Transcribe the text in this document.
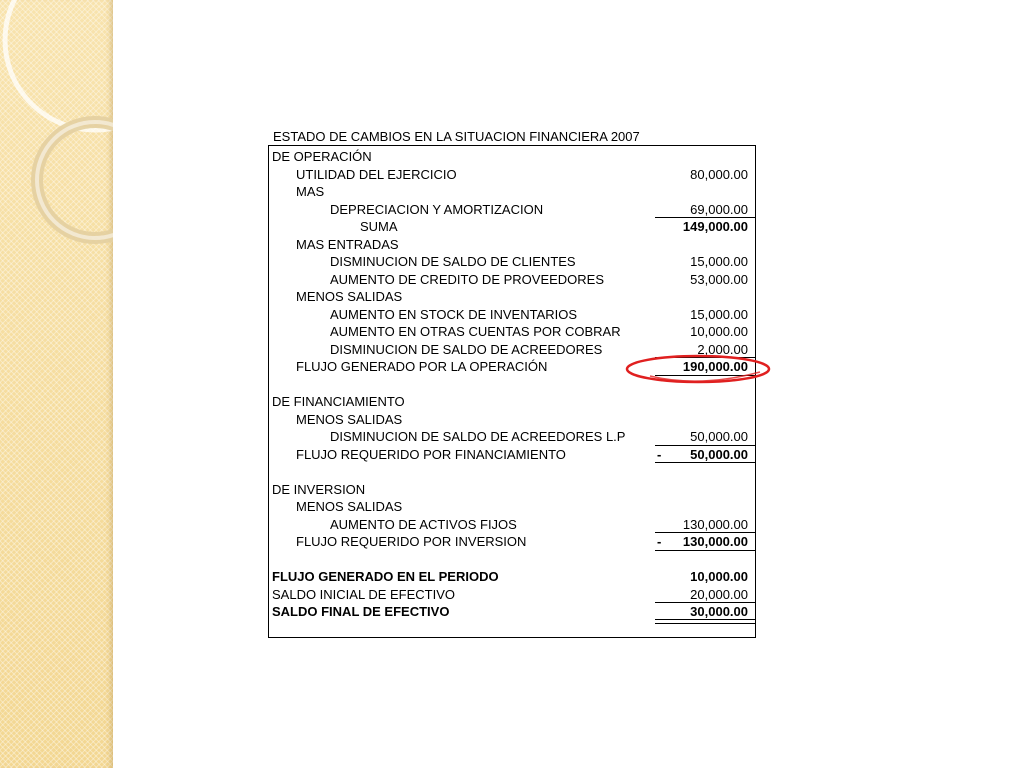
ESTADO DE CAMBIOS EN LA SITUACION FINANCIERA 2007
DE OPERACIÓN
UTILIDAD DEL EJERCICIO	80,000.00
MAS
DEPRECIACION Y AMORTIZACION	69,000.00
SUMA	149,000.00
MAS ENTRADAS
DISMINUCION DE SALDO DE CLIENTES	15,000.00
AUMENTO DE CREDITO DE PROVEEDORES	53,000.00
MENOS SALIDAS
AUMENTO EN STOCK DE INVENTARIOS	15,000.00
AUMENTO EN OTRAS CUENTAS POR COBRAR	10,000.00
DISMINUCION DE SALDO DE ACREEDORES	2,000.00
FLUJO GENERADO POR LA OPERACIÓN	190,000.00
DE FINANCIAMIENTO
MENOS SALIDAS
DISMINUCION DE SALDO DE ACREEDORES L.P	50,000.00
FLUJO REQUERIDO POR FINANCIAMIENTO	- 50,000.00
DE INVERSION
MENOS SALIDAS
AUMENTO DE ACTIVOS FIJOS	130,000.00
FLUJO REQUERIDO POR INVERSION	- 130,000.00
FLUJO GENERADO EN EL PERIODO	10,000.00
SALDO INICIAL DE EFECTIVO	20,000.00
SALDO FINAL DE EFECTIVO	30,000.00
